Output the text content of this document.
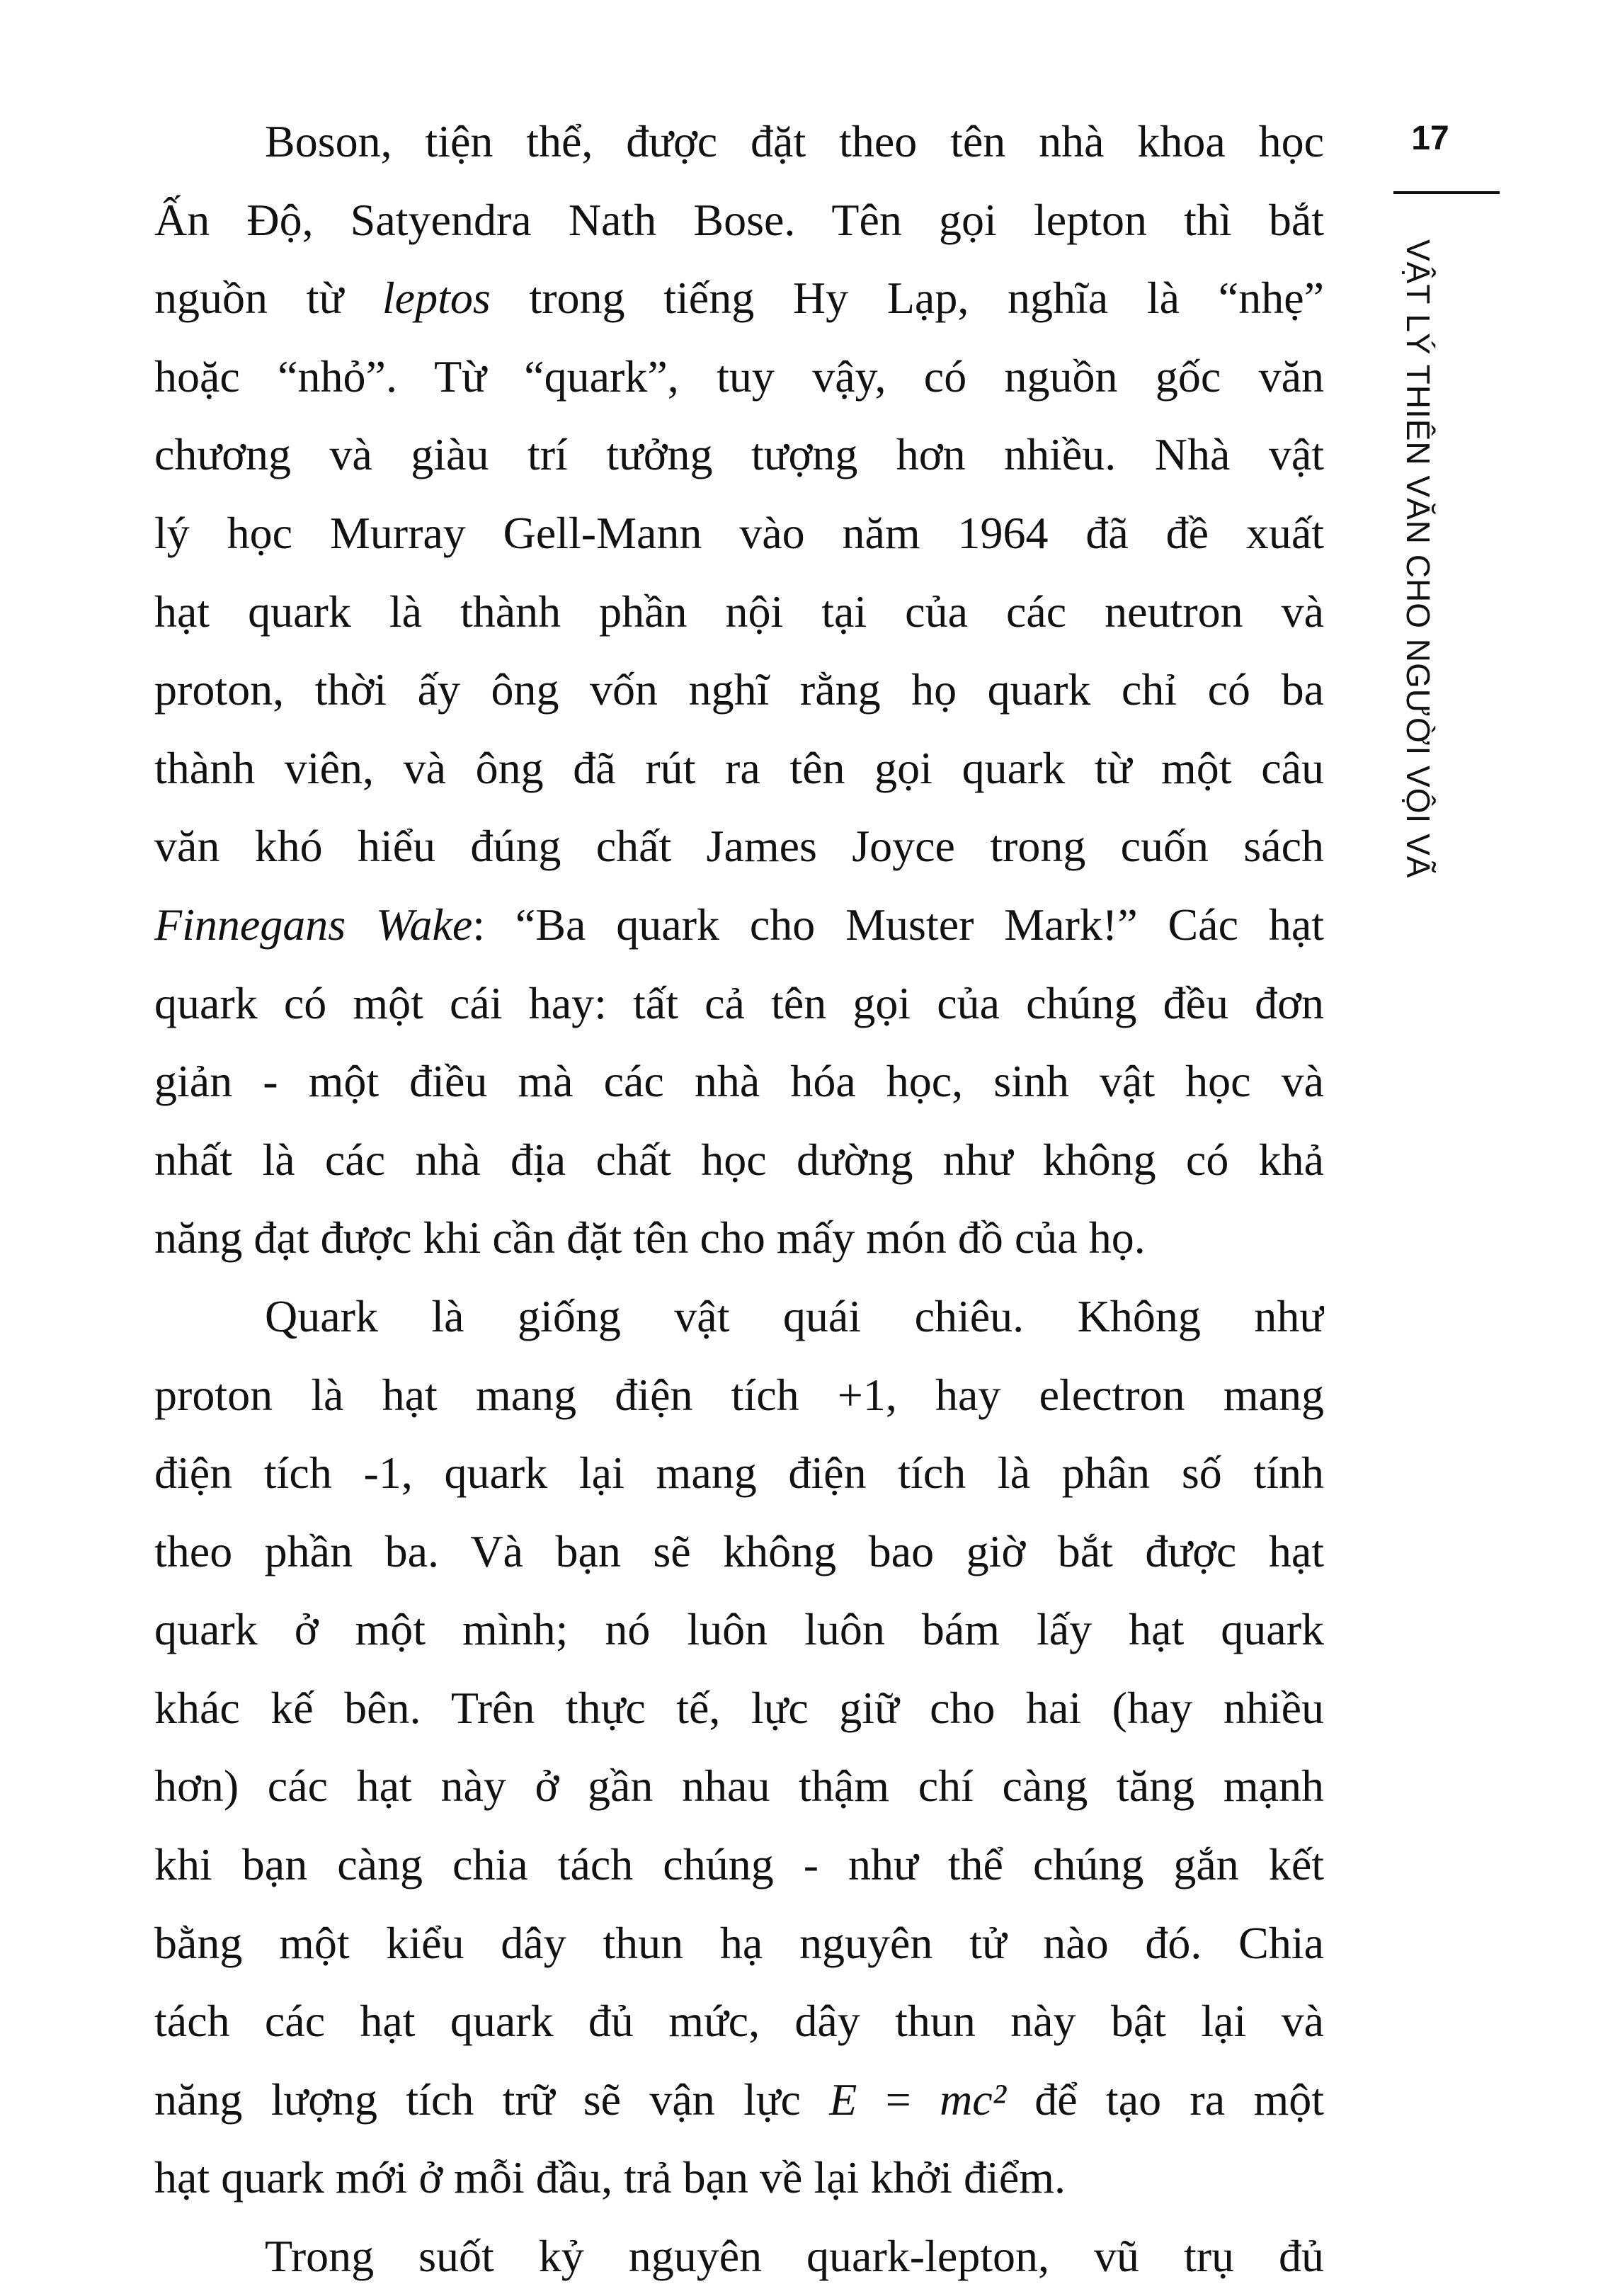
17
VẬT LÝ THIÊN VĂN CHO NGƯỜI VỘI VÃ
Boson, tiện thể, được đặt theo tên nhà khoa học
Ấn Độ, Satyendra Nath Bose. Tên gọi lepton thì bắt
nguồn từ leptos trong tiếng Hy Lạp, nghĩa là “nhẹ”
hoặc “nhỏ”. Từ “quark”, tuy vậy, có nguồn gốc văn
chương và giàu trí tưởng tượng hơn nhiều. Nhà vật
lý học Murray Gell-Mann vào năm 1964 đã đề xuất
hạt quark là thành phần nội tại của các neutron và
proton, thời ấy ông vốn nghĩ rằng họ quark chỉ có ba
thành viên, và ông đã rút ra tên gọi quark từ một câu
văn khó hiểu đúng chất James Joyce trong cuốn sách
Finnegans Wake: “Ba quark cho Muster Mark!” Các hạt
quark có một cái hay: tất cả tên gọi của chúng đều đơn
giản - một điều mà các nhà hóa học, sinh vật học và
nhất là các nhà địa chất học dường như không có khả
năng đạt được khi cần đặt tên cho mấy món đồ của họ.
Quark là giống vật quái chiêu. Không như
proton là hạt mang điện tích +1, hay electron mang
điện tích -1, quark lại mang điện tích là phân số tính
theo phần ba. Và bạn sẽ không bao giờ bắt được hạt
quark ở một mình; nó luôn luôn bám lấy hạt quark
khác kế bên. Trên thực tế, lực giữ cho hai (hay nhiều
hơn) các hạt này ở gần nhau thậm chí càng tăng mạnh
khi bạn càng chia tách chúng - như thể chúng gắn kết
bằng một kiểu dây thun hạ nguyên tử nào đó. Chia
tách các hạt quark đủ mức, dây thun này bật lại và
năng lượng tích trữ sẽ vận lực E = mc² để tạo ra một
hạt quark mới ở mỗi đầu, trả bạn về lại khởi điểm.
Trong suốt kỷ nguyên quark-lepton, vũ trụ đủ
